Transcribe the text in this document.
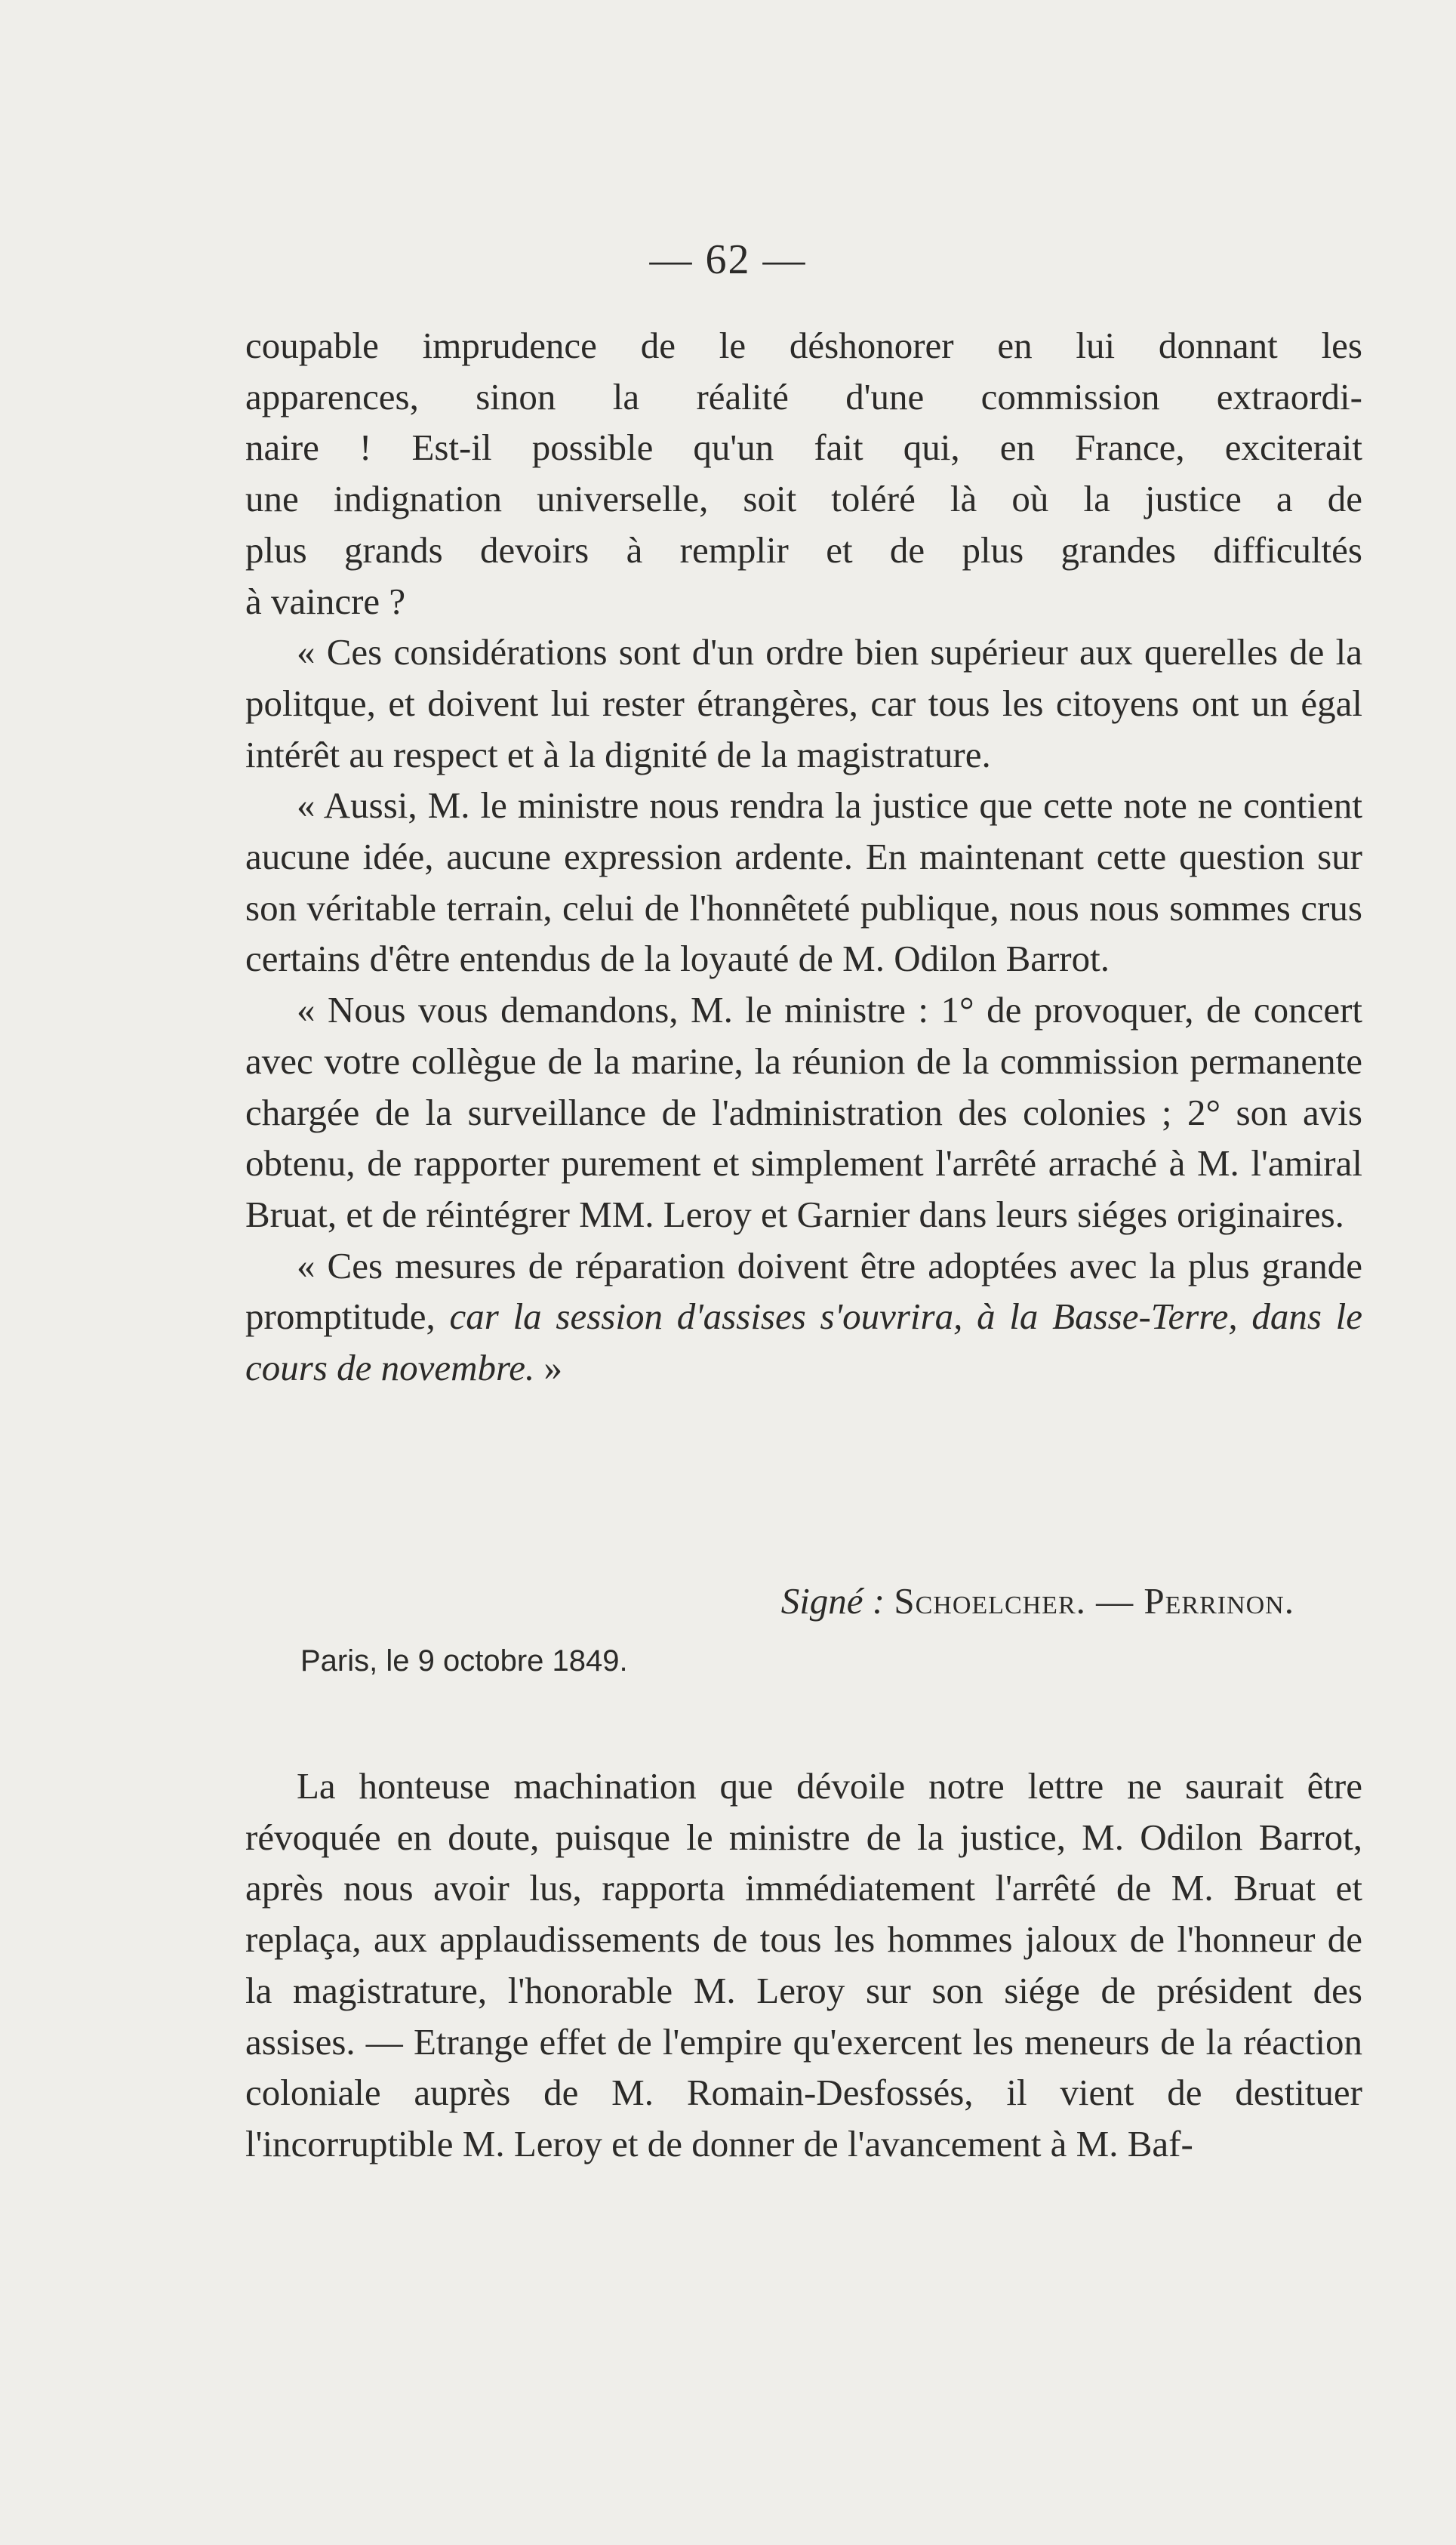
— 62 —
coupable imprudence de le déshonorer en lui donnant les
apparences, sinon la réalité d'une commission extraordi-
naire ! Est-il possible qu'un fait qui, en France, exciterait
une indignation universelle, soit toléré là où la justice a de
plus grands devoirs à remplir et de plus grandes difficultés
à vaincre ?

« Ces considérations sont d'un ordre bien supérieur aux querelles de la politque, et doivent lui rester étrangères, car tous les citoyens ont un égal intérêt au respect et à la dignité de la magistrature.

« Aussi, M. le ministre nous rendra la justice que cette note ne contient aucune idée, aucune expression ardente. En maintenant cette question sur son véritable terrain, celui de l'honnêteté publique, nous nous sommes crus certains d'être entendus de la loyauté de M. Odilon Barrot.

« Nous vous demandons, M. le ministre : 1° de provoquer, de concert avec votre collègue de la marine, la réunion de la commission permanente chargée de la surveillance de l'administration des colonies ; 2° son avis obtenu, de rapporter purement et simplement l'arrêté arraché à M. l'amiral Bruat, et de réintégrer MM. Leroy et Garnier dans leurs siéges originaires.

« Ces mesures de réparation doivent être adoptées avec la plus grande promptitude, car la session d'assises s'ouvrira, à la Basse-Terre, dans le cours de novembre. »

Signé : Schoelcher. — Perrinon.
Paris, le 9 octobre 1849.

La honteuse machination que dévoile notre lettre ne saurait être révoquée en doute, puisque le ministre de la justice, M. Odilon Barrot, après nous avoir lus, rapporta immédiatement l'arrêté de M. Bruat et replaça, aux applaudissements de tous les hommes jaloux de l'honneur de la magistrature, l'honorable M. Leroy sur son siége de président des assises. — Etrange effet de l'empire qu'exercent les meneurs de la réaction coloniale auprès de M. Romain-Desfossés, il vient de destituer l'incorruptible M. Leroy et de donner de l'avancement à M. Baf-
